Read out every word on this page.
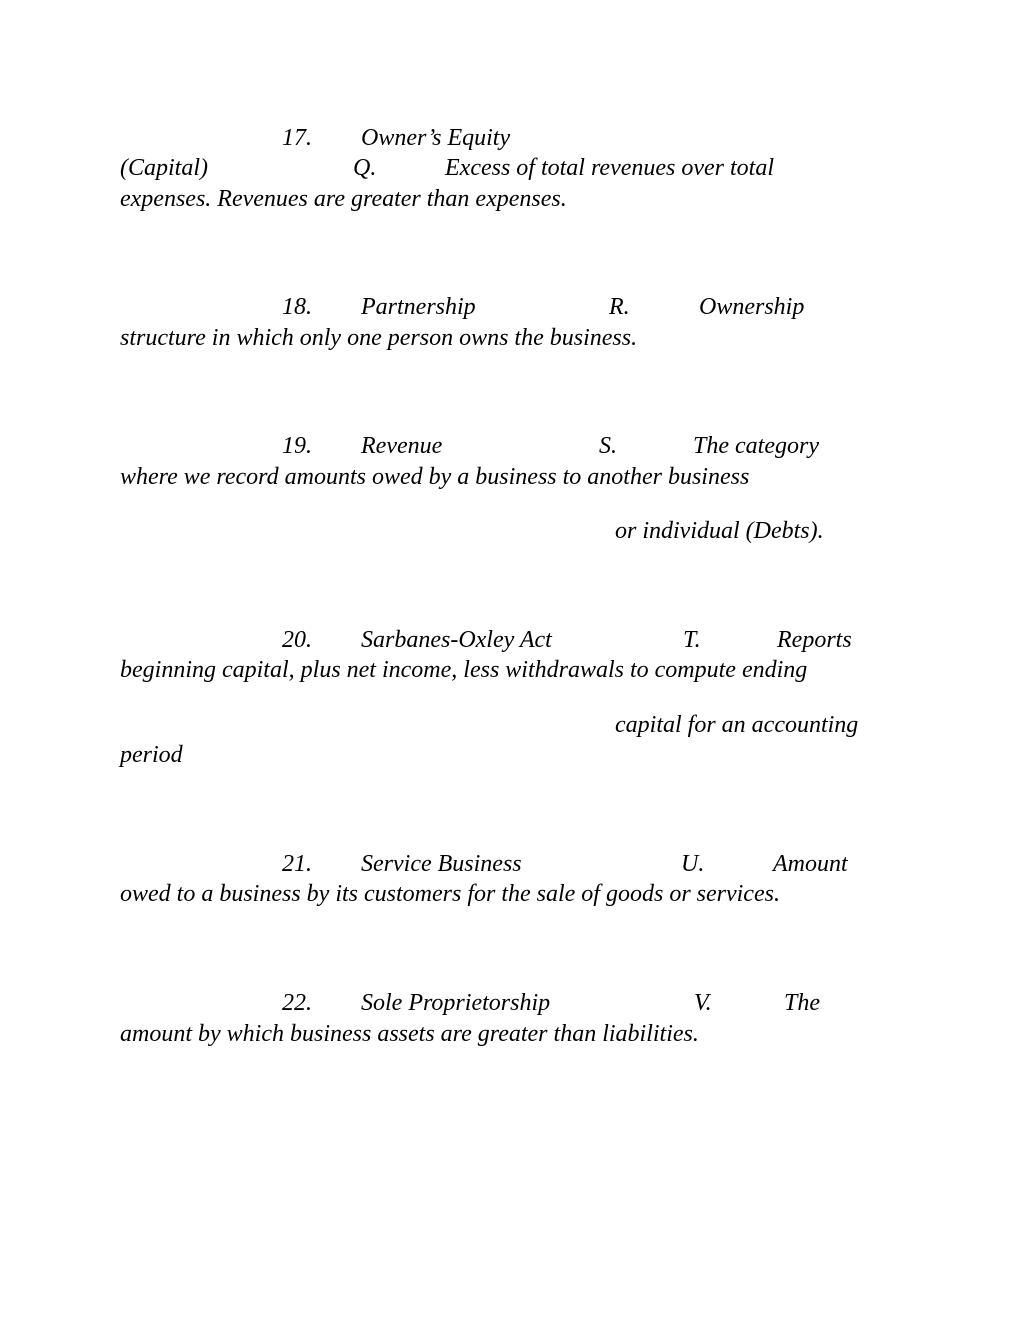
17. Owner’s Equity
(Capital)	Q.	Excess of total revenues over total
expenses. Revenues are greater than expenses.
18. Partnership	R.	Ownership
structure in which only one person owns the business.
19. Revenue	S.	The category
where we record amounts owed by a business to another business
or individual (Debts).
20. Sarbanes-Oxley Act	T.	Reports
beginning capital, plus net income, less withdrawals to compute ending
capital for an accounting
period
21. Service Business	U.	Amount
owed to a business by its customers for the sale of goods or services.
22. Sole Proprietorship	V.	The
amount by which business assets are greater than liabilities.
